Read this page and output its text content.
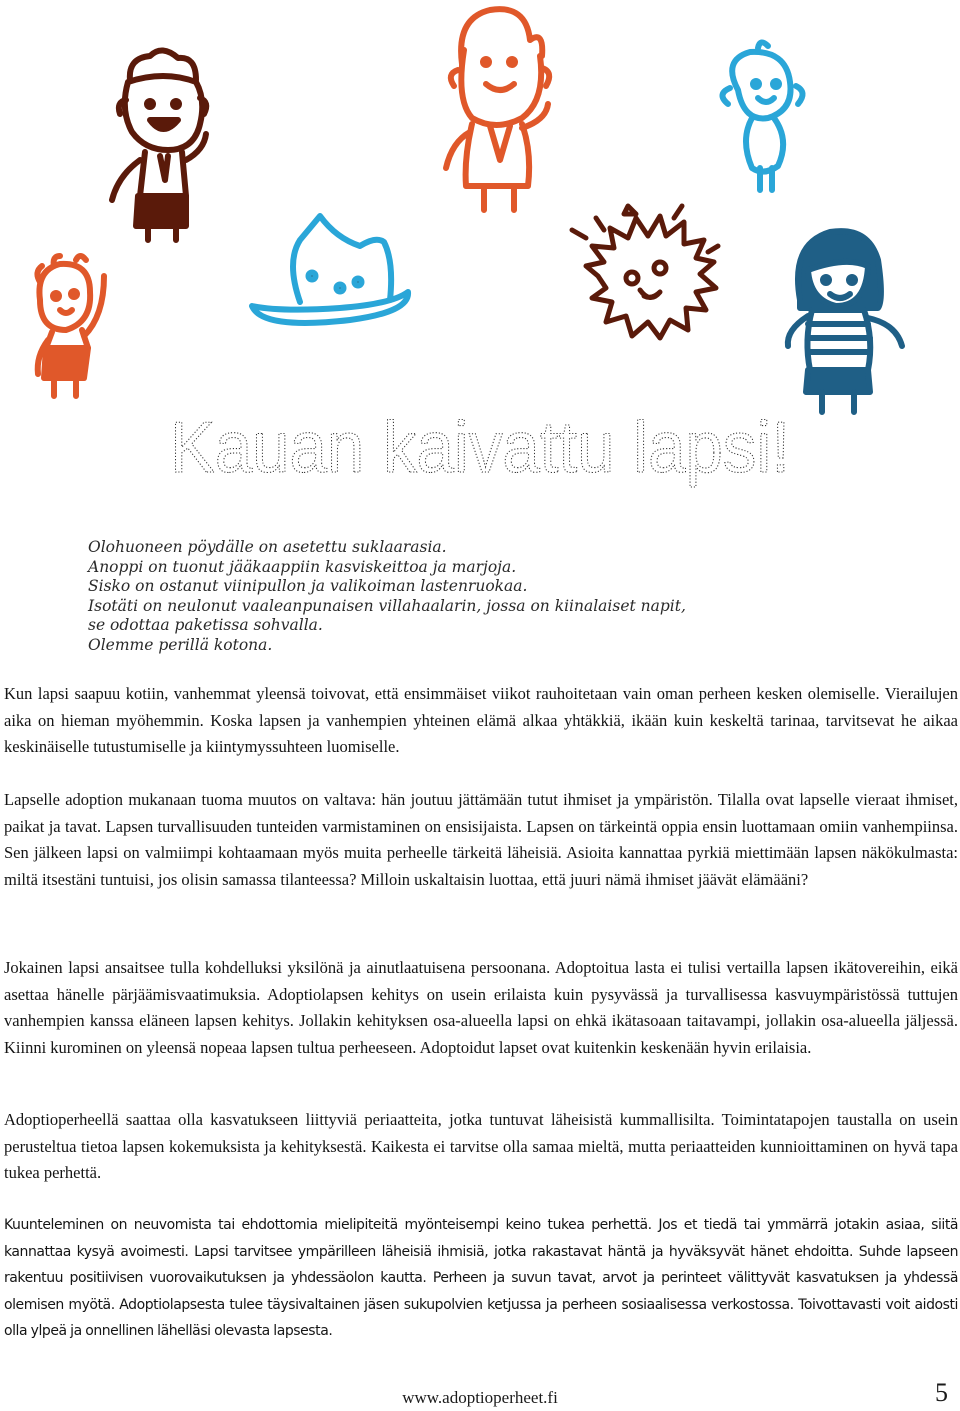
Kauan kaivattu lapsi!
Olohuoneen pöydälle on asetettu suklaarasia.
Anoppi on tuonut jääkaappiin kasviskeittoa ja marjoja.
Sisko on ostanut viinipullon ja valikoiman lastenruokaa.
Isotäti on neulonut vaaleanpunaisen villahaalarin, jossa on kiinalaiset napit,
se odottaa paketissa sohvalla.
Olemme perillä kotona.

Kun lapsi saapuu kotiin, vanhemmat yleensä toivovat, että ensimmäiset viikot rauhoitetaan vain oman perheen kesken olemiselle. Vierailujen aika on hieman myöhemmin. Koska lapsen ja vanhempien yhteinen elämä alkaa yhtäkkiä, ikään kuin keskeltä tarinaa, tarvitsevat he aikaa keskinäiselle tutustumiselle ja kiintymyssuhteen luomiselle.

Lapselle adoption mukanaan tuoma muutos on valtava: hän joutuu jättämään tutut ihmiset ja ympäristön. Tilalla ovat lapselle vieraat ihmiset, paikat ja tavat. Lapsen turvallisuuden tunteiden varmistaminen on ensisijaista. Lapsen on tärkeintä oppia ensin luottamaan omiin vanhempiinsa. Sen jälkeen lapsi on valmiimpi kohtaamaan myös muita perheelle tärkeitä läheisiä. Asioita kannattaa pyrkiä miettimään lapsen näkökulmasta: miltä itsestäni tuntuisi, jos olisin samassa tilanteessa? Milloin uskaltaisin luottaa, että juuri nämä ihmiset jäävät elämääni?

Jokainen lapsi ansaitsee tulla kohdelluksi yksilönä ja ainutlaatuisena persoonana. Adoptoitua lasta ei tulisi vertailla lapsen ikätovereihin, eikä asettaa hänelle pärjäämisvaatimuksia. Adoptiolapsen kehitys on usein erilaista kuin pysyvässä ja turvallisessa kasvuympäristössä tuttujen vanhempien kanssa eläneen lapsen kehitys. Jollakin kehityksen osa-alueella lapsi on ehkä ikätasoaan taitavampi, jollakin osa-alueella jäljessä. Kiinni kurominen on yleensä nopeaa lapsen tultua perheeseen. Adoptoidut lapset ovat kuitenkin keskenään hyvin erilaisia.

Adoptioperheellä saattaa olla kasvatukseen liittyviä periaatteita, jotka tuntuvat läheisistä kummallisilta. Toimintatapojen taustalla on usein perusteltua tietoa lapsen kokemuksista ja kehityksestä. Kaikesta ei tarvitse olla samaa mieltä, mutta periaatteiden kunnioittaminen on hyvä tapa tukea perhettä.

Kuunteleminen on neuvomista tai ehdottomia mielipiteitä myönteisempi keino tukea perhettä. Jos et tiedä tai ymmärrä jotakin asiaa, siitä kannattaa kysyä avoimesti. Lapsi tarvitsee ympärilleen läheisiä ihmisiä, jotka rakastavat häntä ja hyväksyvät hänet ehdoitta. Suhde lapseen rakentuu positiivisen vuorovaikutuksen ja yhdessäolon kautta. Perheen ja suvun tavat, arvot ja perinteet välittyvät kasvatuksen ja yhdessä olemisen myötä. Adoptiolapsesta tulee täysivaltainen jäsen sukupolvien ketjussa ja perheen sosiaalisessa verkostossa. Toivottavasti voit aidosti olla ylpeä ja onnellinen lähelläsi olevasta lapsesta.

www.adoptioperheet.fi	5
